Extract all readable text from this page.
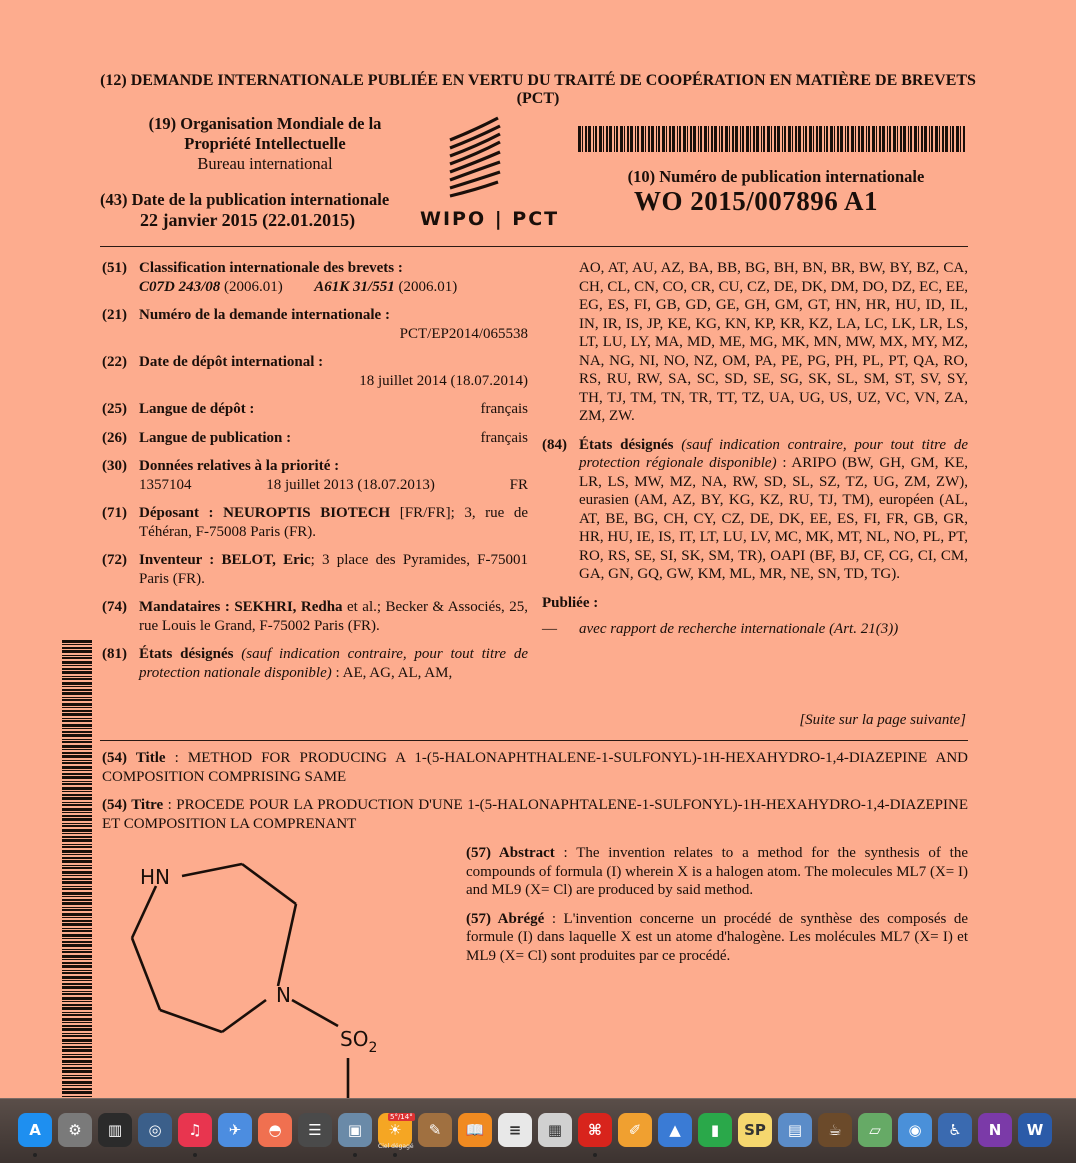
(12) DEMANDE INTERNATIONALE PUBLIÉE EN VERTU DU TRAITÉ DE COOPÉRATION EN MATIÈRE DE BREVETS (PCT)
(19) Organisation Mondiale de la
Propriété Intellectuelle
Bureau international
(43) Date de la publication internationale
22 janvier 2015 (22.01.2015)	WIPO | PCT
(10) Numéro de publication internationale
WO 2015/007896 A1
(51) Classification internationale des brevets :
C07D 243/08 (2006.01) A61K 31/551 (2006.01)
(21) Numéro de la demande internationale :
PCT/EP2014/065538
(22) Date de dépôt international :
18 juillet 2014 (18.07.2014)
(25) Langue de dépôt :	français
(26) Langue de publication :	français
(30) Données relatives à la priorité :
1357104	18 juillet 2013 (18.07.2013)	FR
(71) Déposant : NEUROPTIS BIOTECH [FR/FR]; 3, rue de Téhéran, F-75008 Paris (FR).
(72) Inventeur : BELOT, Eric; 3 place des Pyramides, F-75001 Paris (FR).
(74) Mandataires : SEKHRI, Redha et al.; Becker & Associés, 25, rue Louis le Grand, F-75002 Paris (FR).
(81) États désignés (sauf indication contraire, pour tout titre de protection nationale disponible) : AE, AG, AL, AM,
AO, AT, AU, AZ, BA, BB, BG, BH, BN, BR, BW, BY, BZ, CA, CH, CL, CN, CO, CR, CU, CZ, DE, DK, DM, DO, DZ, EC, EE, EG, ES, FI, GB, GD, GE, GH, GM, GT, HN, HR, HU, ID, IL, IN, IR, IS, JP, KE, KG, KN, KP, KR, KZ, LA, LC, LK, LR, LS, LT, LU, LY, MA, MD, ME, MG, MK, MN, MW, MX, MY, MZ, NA, NG, NI, NO, NZ, OM, PA, PE, PG, PH, PL, PT, QA, RO, RS, RU, RW, SA, SC, SD, SE, SG, SK, SL, SM, ST, SV, SY, TH, TJ, TM, TN, TR, TT, TZ, UA, UG, US, UZ, VC, VN, ZA, ZM, ZW.
(84) États désignés (sauf indication contraire, pour tout titre de protection régionale disponible) : ARIPO (BW, GH, GM, KE, LR, LS, MW, MZ, NA, RW, SD, SL, SZ, TZ, UG, ZM, ZW), eurasien (AM, AZ, BY, KG, KZ, RU, TJ, TM), européen (AL, AT, BE, BG, CH, CY, CZ, DE, DK, EE, ES, FI, FR, GB, GR, HR, HU, IE, IS, IT, LT, LU, LV, MC, MK, MT, NL, NO, PL, PT, RO, RS, SE, SI, SK, SM, TR), OAPI (BF, BJ, CF, CG, CI, CM, GA, GN, GQ, GW, KM, ML, MR, NE, SN, TD, TG).
Publiée :
— avec rapport de recherche internationale (Art. 21(3))
[Suite sur la page suivante]
(54) Title : METHOD FOR PRODUCING A 1-(5-HALONAPHTHALENE-1-SULFONYL)-1H-HEXAHYDRO-1,4-DIAZEPINE AND COMPOSITION COMPRISING SAME
(54) Titre : PROCEDE POUR LA PRODUCTION D'UNE 1-(5-HALONAPHTALENE-1-SULFONYL)-1H-HEXAHYDRO-1,4-DIAZEPINE ET COMPOSITION LA COMPRENANT

(57) Abstract : The invention relates to a method for the synthesis of the compounds of formula (I) wherein X is a halogen atom. The molecules ML7 (X= I) and ML9 (X= Cl) are produced by said method.

(57) Abrégé : L'invention concerne un procédé de synthèse des composés de formule (I) dans laquelle X est un atome d'halogène. Les molécules ML7 (X= I) et ML9 (X= Cl) sont produites par ce procédé.

HN
N
$SO_2$
A	⚙	▥	◎	♫	✈	◓	☰	▣	☀	✎	📖	≡	▦	⌘	✐	▲	▮	SP	▤	☕	▱	◉	♿	N	W
5°/14°
Ciel dégagé
